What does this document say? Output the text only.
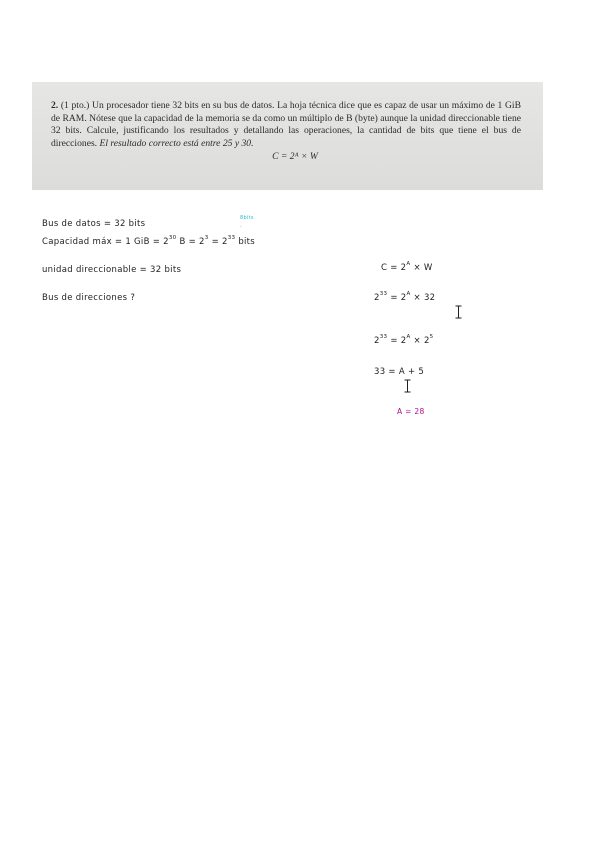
2. (1 pto.) Un procesador tiene 32 bits en su bus de datos. La hoja técnica dice que es capaz de usar un máximo de 1 GiB de RAM. Nótese que la capacidad de la memoria se da como un múltiplo de B (byte) aunque la unidad direccionable tiene 32 bits. Calcule, justificando los resultados y detallando las operaciones, la cantidad de bits que tiene el bus de direcciones. El resultado correcto está entre 25 y 30.
C = 2ᴬ × W
Bus de datos = 32 bits
8bits
.
Capacidad máx = 1 GiB = $2^{30}$ $B = 2^3 = 2^{33}$ bits
unidad direccionable = 32 bits
Bus de direcciones ?
$C = 2^A \times W$
$2^{33} = 2^A \times 32$
$2^{33} = 2^A \times 2^5$
33 = A + 5
A = 28
